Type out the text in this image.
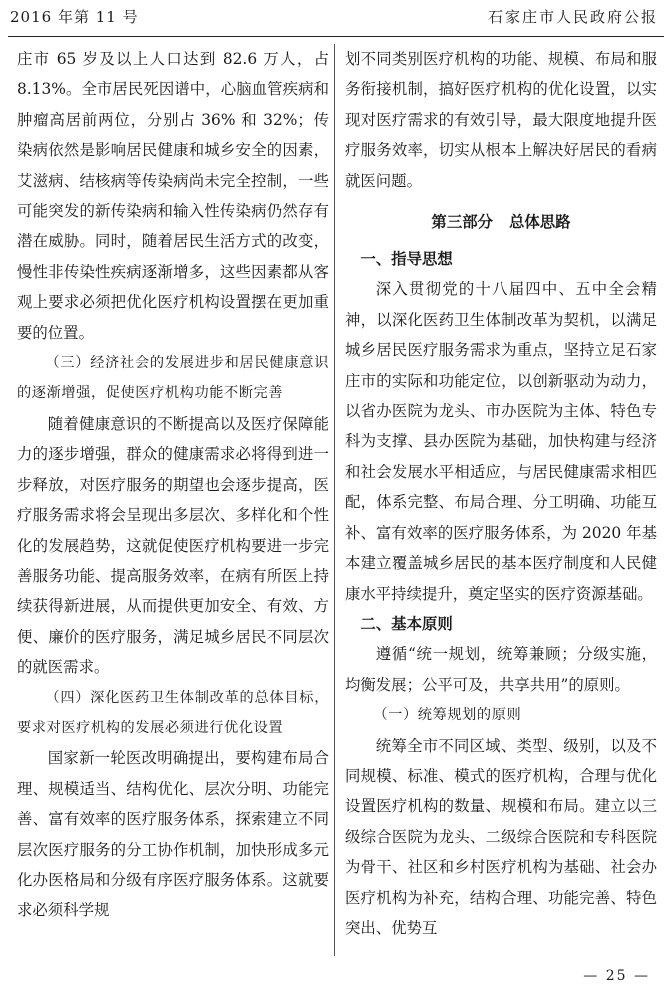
2016 年第 11 号	石家庄市人民政府公报

庄市 65 岁及以上人口达到 82.6 万人，占 8.13%。全市居民死因谱中，心脑血管疾病和肿瘤高居前两位，分别占 36% 和 32%；传染病依然是影响居民健康和城乡安全的因素，艾滋病、结核病等传染病尚未完全控制，一些可能突发的新传染病和输入性传染病仍然存有潜在威胁。同时，随着居民生活方式的改变，慢性非传染性疾病逐渐增多，这些因素都从客观上要求必须把优化医疗机构设置摆在更加重要的位置。

（三）经济社会的发展进步和居民健康意识的逐渐增强，促使医疗机构功能不断完善

随着健康意识的不断提高以及医疗保障能力的逐步增强，群众的健康需求必将得到进一步释放，对医疗服务的期望也会逐步提高，医疗服务需求将会呈现出多层次、多样化和个性化的发展趋势，这就促使医疗机构要进一步完善服务功能、提高服务效率，在病有所医上持续获得新进展，从而提供更加安全、有效、方便、廉价的医疗服务，满足城乡居民不同层次的就医需求。

（四）深化医药卫生体制改革的总体目标，要求对医疗机构的发展必须进行优化设置

国家新一轮医改明确提出，要构建布局合理、规模适当、结构优化、层次分明、功能完善、富有效率的医疗服务体系，探索建立不同层次医疗服务的分工协作机制，加快形成多元化办医格局和分级有序医疗服务体系。这就要求必须科学规

划不同类别医疗机构的功能、规模、布局和服务衔接机制，搞好医疗机构的优化设置，以实现对医疗需求的有效引导，最大限度地提升医疗服务效率，切实从根本上解决好居民的看病就医问题。

第三部分 总体思路

一、指导思想

深入贯彻党的十八届四中、五中全会精神，以深化医药卫生体制改革为契机，以满足城乡居民医疗服务需求为重点，坚持立足石家庄市的实际和功能定位，以创新驱动为动力，以省办医院为龙头、市办医院为主体、特色专科为支撑、县办医院为基础，加快构建与经济和社会发展水平相适应，与居民健康需求相匹配，体系完整、布局合理、分工明确、功能互补、富有效率的医疗服务体系，为 2020 年基本建立覆盖城乡居民的基本医疗制度和人民健康水平持续提升，奠定坚实的医疗资源基础。

二、基本原则

遵循“统一规划，统筹兼顾；分级实施，均衡发展；公平可及，共享共用”的原则。

（一）统筹规划的原则

统筹全市不同区域、类型、级别，以及不同规模、标准、模式的医疗机构，合理与优化设置医疗机构的数量、规模和布局。建立以三级综合医院为龙头、二级综合医院和专科医院为骨干、社区和乡村医疗机构为基础、社会办医疗机构为补充，结构合理、功能完善、特色突出、优势互

— 25 —
